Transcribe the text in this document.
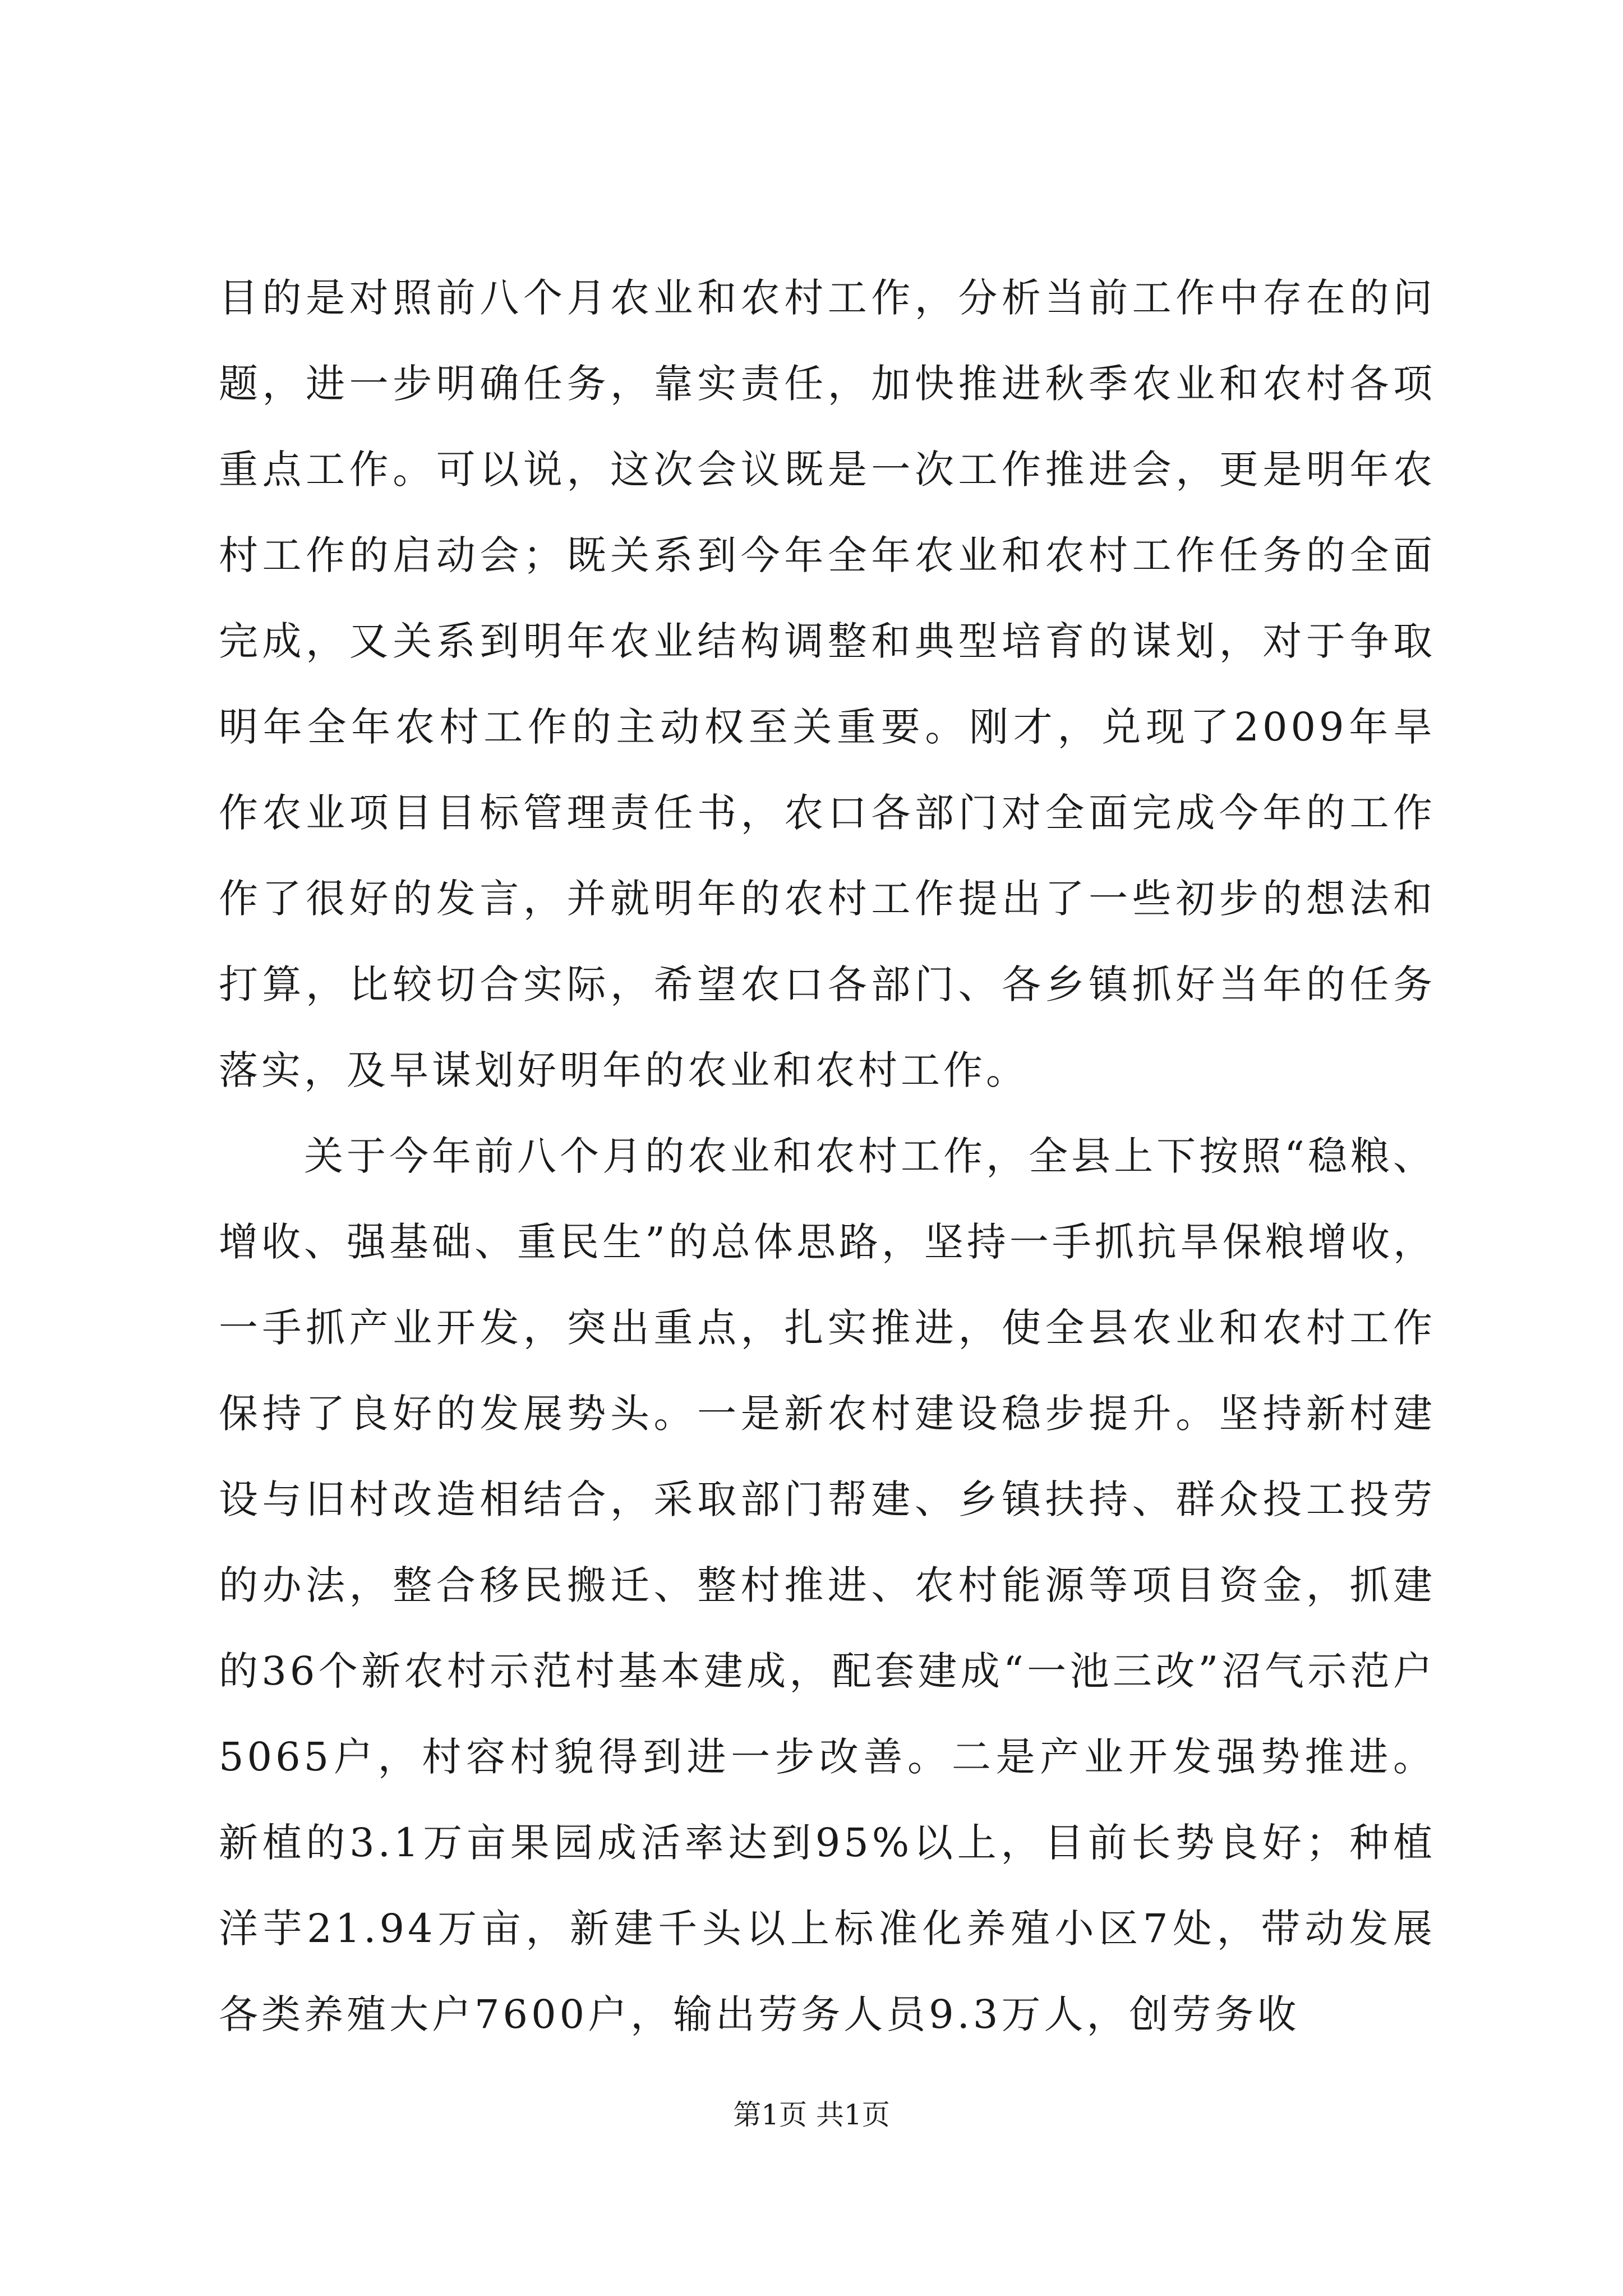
目的是对照前八个月农业和农村工作，分析当前工作中存在的问题，进一步明确任务，靠实责任，加快推进秋季农业和农村各项重点工作。可以说，这次会议既是一次工作推进会，更是明年农村工作的启动会；既关系到今年全年农业和农村工作任务的全面完成，又关系到明年农业结构调整和典型培育的谋划，对于争取明年全年农村工作的主动权至关重要。刚才，兑现了2009年旱作农业项目目标管理责任书，农口各部门对全面完成今年的工作作了很好的发言，并就明年的农村工作提出了一些初步的想法和打算，比较切合实际，希望农口各部门、各乡镇抓好当年的任务落实，及早谋划好明年的农业和农村工作。

　　关于今年前八个月的农业和农村工作，全县上下按照“稳粮、增收、强基础、重民生”的总体思路，坚持一手抓抗旱保粮增收，一手抓产业开发，突出重点，扎实推进，使全县农业和农村工作保持了良好的发展势头。一是新农村建设稳步提升。坚持新村建设与旧村改造相结合，采取部门帮建、乡镇扶持、群众投工投劳的办法，整合移民搬迁、整村推进、农村能源等项目资金，抓建的36个新农村示范村基本建成，配套建成“一池三改”沼气示范户5065户，村容村貌得到进一步改善。二是产业开发强势推进。新植的3.1万亩果园成活率达到95%以上，目前长势良好；种植洋芋21.94万亩，新建千头以上标准化养殖小区7处，带动发展各类养殖大户7600户，输出劳务人员9.3万人，创劳务收

第1页 共1页
